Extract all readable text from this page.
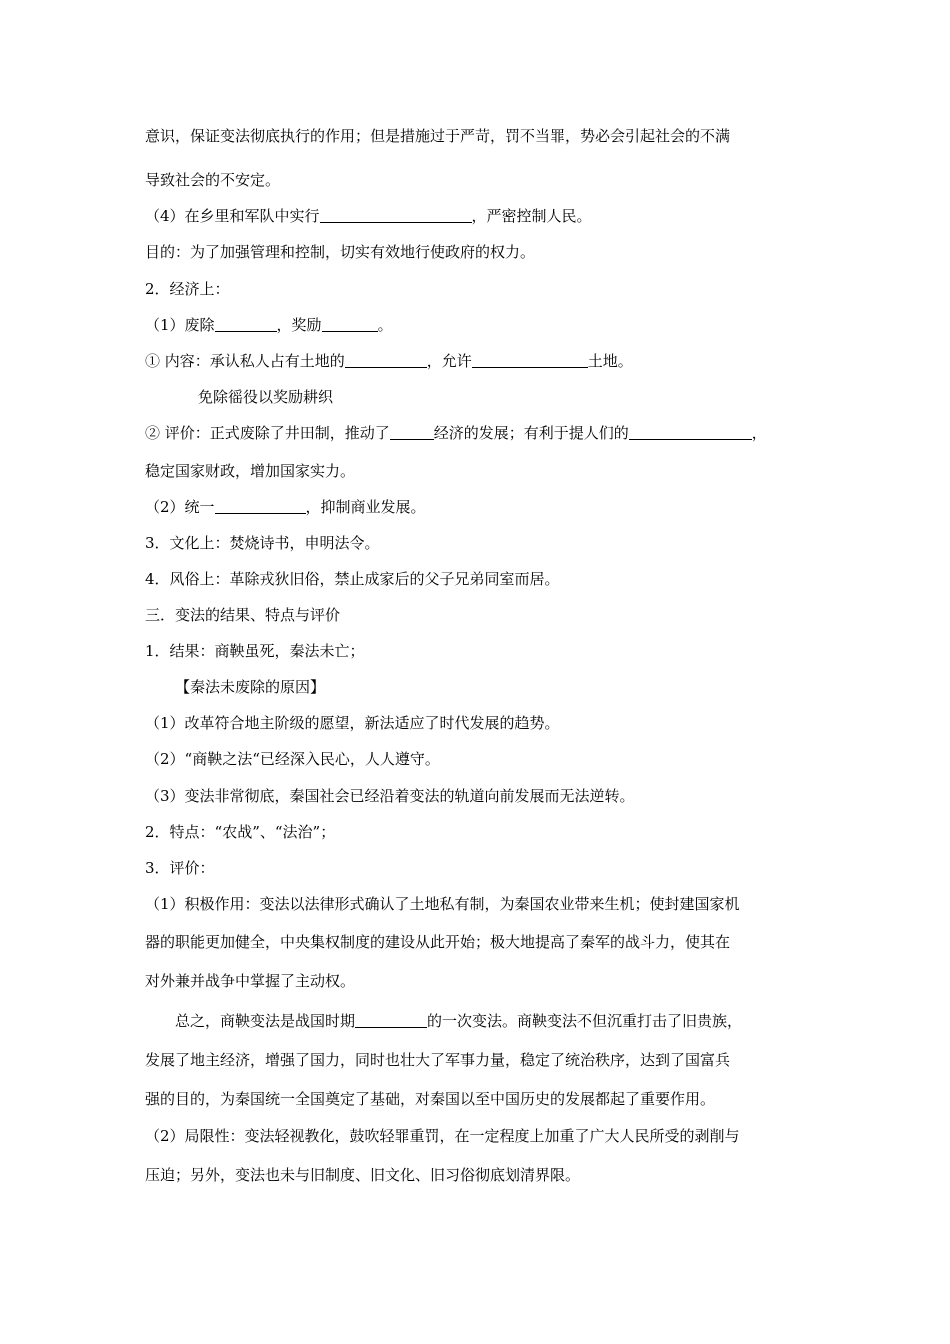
意识，保证变法彻底执行的作用；但是措施过于严苛，罚不当罪，势必会引起社会的不满
导致社会的不安定。
（4）在乡里和军队中实行	，严密控制人民。
目的：为了加强管理和控制，切实有效地行使政府的权力。
2．经济上：
（1）废除	，奖励	。
① 内容：承认私人占有土地的	，允许	土地。
免除徭役以奖励耕织
② 评价：正式废除了井田制，推动了	经济的发展；有利于提人们的	，
稳定国家财政，增加国家实力。
（2）统一	，抑制商业发展。
3．文化上：焚烧诗书，申明法令。
4．风俗上：革除戎狄旧俗，禁止成家后的父子兄弟同室而居。
三．变法的结果、特点与评价
1．结果：商鞅虽死，秦法未亡；
【秦法未废除的原因】
（1）改革符合地主阶级的愿望，新法适应了时代发展的趋势。
（2）“商鞅之法“已经深入民心，人人遵守。
（3）变法非常彻底，秦国社会已经沿着变法的轨道向前发展而无法逆转。
2．特点：“农战”、“法治”；
3．评价：
（1）积极作用：变法以法律形式确认了土地私有制，为秦国农业带来生机；使封建国家机
器的职能更加健全，中央集权制度的建设从此开始；极大地提高了秦军的战斗力，使其在
对外兼并战争中掌握了主动权。
总之，商鞅变法是战国时期	的一次变法。商鞅变法不但沉重打击了旧贵族，
发展了地主经济，增强了国力，同时也壮大了军事力量，稳定了统治秩序，达到了国富兵
强的目的，为秦国统一全国奠定了基础，对秦国以至中国历史的发展都起了重要作用。
（2）局限性：变法轻视教化，鼓吹轻罪重罚，在一定程度上加重了广大人民所受的剥削与
压迫；另外，变法也未与旧制度、旧文化、旧习俗彻底划清界限。
